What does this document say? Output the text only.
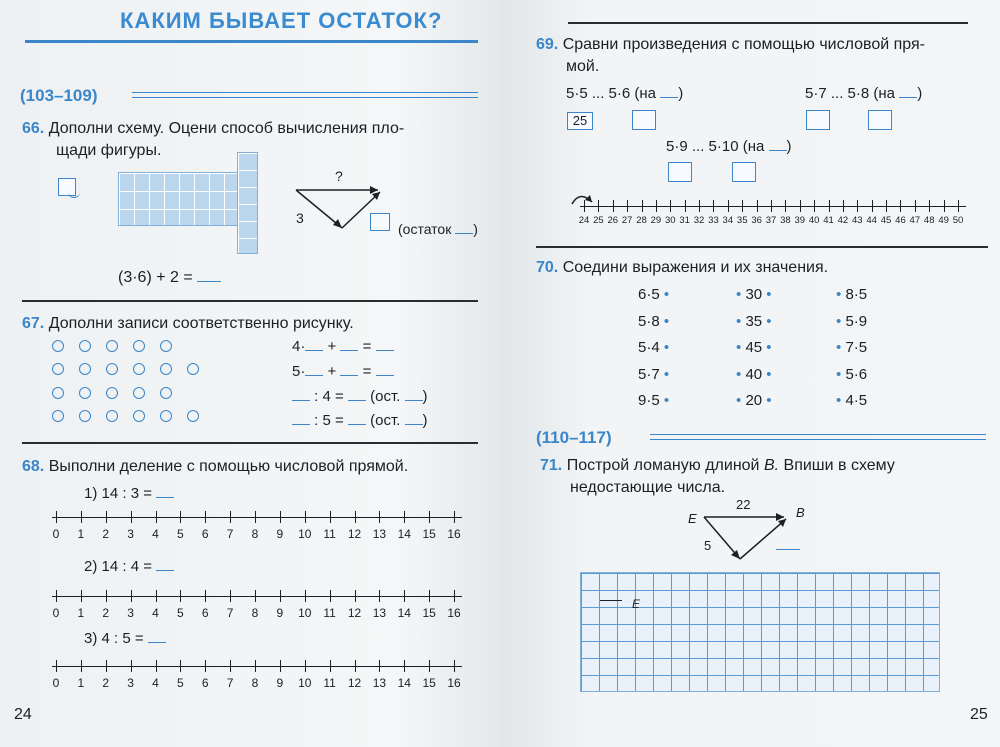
КАКИМ БЫВАЕТ ОСТАТОК?
(103–109)
66. Дополни схему. Оцени способ вычисления пло-
щади фигуры.
?
3
(остаток )
(3·6) + 2 =
67. Дополни записи соответственно рисунку.
4· + =
5· + =
: 4 = (ост. )
: 5 = (ост. )
68. Выполни деление с помощью числовой прямой.
1) 14 : 3 =
0 1 2 3 4 5 6 7 8 9 10 11 12 13 14 15 16
2) 14 : 4 =
0 1 2 3 4 5 6 7 8 9 10 11 12 13 14 15 16
3) 4 : 5 =
0 1 2 3 4 5 6 7 8 9 10 11 12 13 14 15 16
24
69. Сравни произведения с помощью числовой пря-
мой.
5·5 ... 5·6 (на )
25
5·7 ... 5·8 (на )
5·9 ... 5·10 (на )
24 25 26 27 28 29 30 31 32 33 34 35 36 37 38 39 40 41 42 43 44 45 46 47 48 49 50
70. Соедини выражения и их значения.
6·5 •
5·8 •
5·4 •
5·7 •
9·5 •
• 30 •
• 35 •
• 45 •
• 40 •
• 20 •
• 8·5
• 5·9
• 7·5
• 5·6
• 4·5
(110–117)
71. Построй ломаную длиной B. Впиши в схему
недостающие числа.
E	B
22
5
E
25
